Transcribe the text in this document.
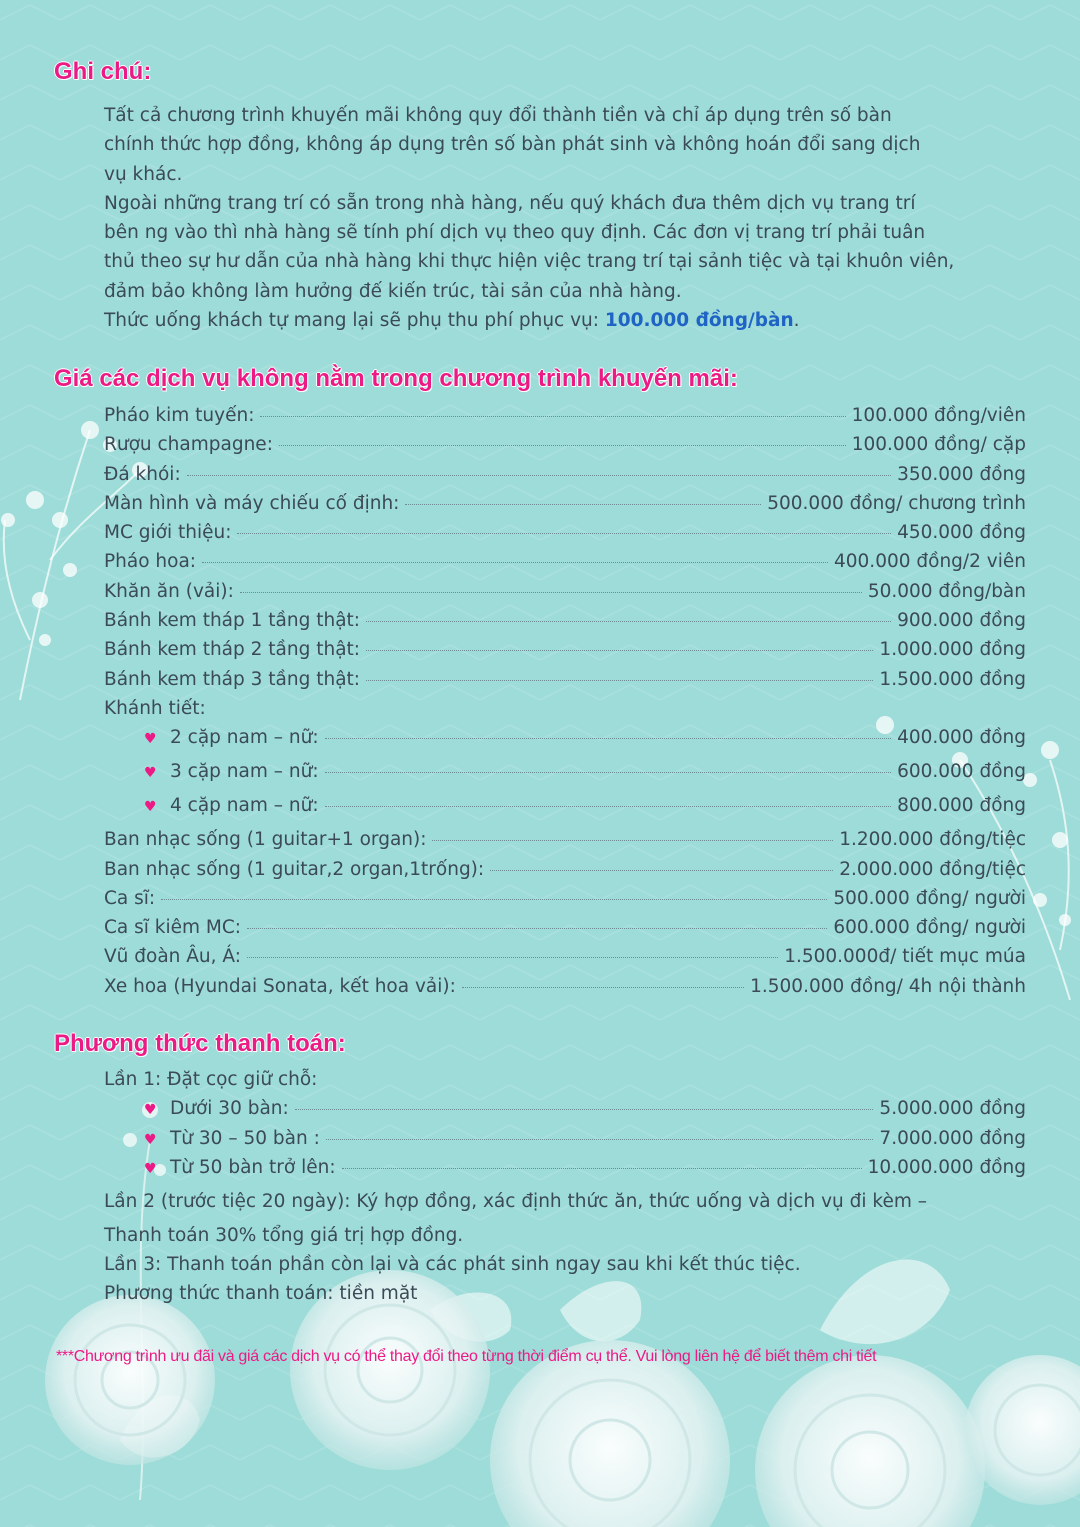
Ghi chú:
Tất cả chương trình khuyến mãi không quy đổi thành tiền và chỉ áp dụng trên số bàn
chính thức hợp đồng, không áp dụng trên số bàn phát sinh và không hoán đổi sang dịch
vụ khác.
Ngoài những trang trí có sẵn trong nhà hàng, nếu quý khách đưa thêm dịch vụ trang trí
bên ng vào thì nhà hàng sẽ tính phí dịch vụ theo quy định. Các đơn vị trang trí phải tuân
thủ theo sự hư dẫn của nhà hàng khi thực hiện việc trang trí tại sảnh tiệc và tại khuôn viên,
đảm bảo không làm hưởng đế kiến trúc, tài sản của nhà hàng.
Thức uống khách tự mang lại sẽ phụ thu phí phục vụ: 100.000 đồng/bàn.
Giá các dịch vụ không nằm trong chương trình khuyến mãi:
Pháo kim tuyến:	100.000 đồng/viên
Rượu champagne:	100.000 đồng/ cặp
Đá khói:	350.000 đồng
Màn hình và máy chiếu cố định:	500.000 đồng/ chương trình
MC giới thiệu:	450.000 đồng
Pháo hoa:	400.000 đồng/2 viên
Khăn ăn (vải):	50.000 đồng/bàn
Bánh kem tháp 1 tầng thật:	900.000 đồng
Bánh kem tháp 2 tầng thật:	1.000.000 đồng
Bánh kem tháp 3 tầng thật:	1.500.000 đồng
Khánh tiết:
♥ 2 cặp nam – nữ:	400.000 đồng
♥ 3 cặp nam – nữ:	600.000 đồng
♥ 4 cặp nam – nữ:	800.000 đồng
Ban nhạc sống (1 guitar+1 organ):	1.200.000 đồng/tiệc
Ban nhạc sống (1 guitar,2 organ,1trống):	2.000.000 đồng/tiệc
Ca sĩ:	500.000 đồng/ người
Ca sĩ kiêm MC:	600.000 đồng/ người
Vũ đoàn Âu, Á:	1.500.000đ/ tiết mục múa
Xe hoa (Hyundai Sonata, kết hoa vải):	1.500.000 đồng/ 4h nội thành
Phương thức thanh toán:
Lần 1: Đặt cọc giữ chỗ:
♥ Dưới 30 bàn:	5.000.000 đồng
♥ Từ 30 – 50 bàn :	7.000.000 đồng
♥ Từ 50 bàn trở lên:	10.000.000 đồng
Lần 2 (trước tiệc 20 ngày): Ký hợp đồng, xác định thức ăn, thức uống và dịch vụ đi kèm –
Thanh toán 30% tổng giá trị hợp đồng.
Lần 3: Thanh toán phần còn lại và các phát sinh ngay sau khi kết thúc tiệc.
Phương thức thanh toán: tiền mặt

***Chương trình ưu đãi và giá các dịch vụ có thể thay đổi theo từng thời điểm cụ thể. Vui lòng liên hệ để biết thêm chi tiết
